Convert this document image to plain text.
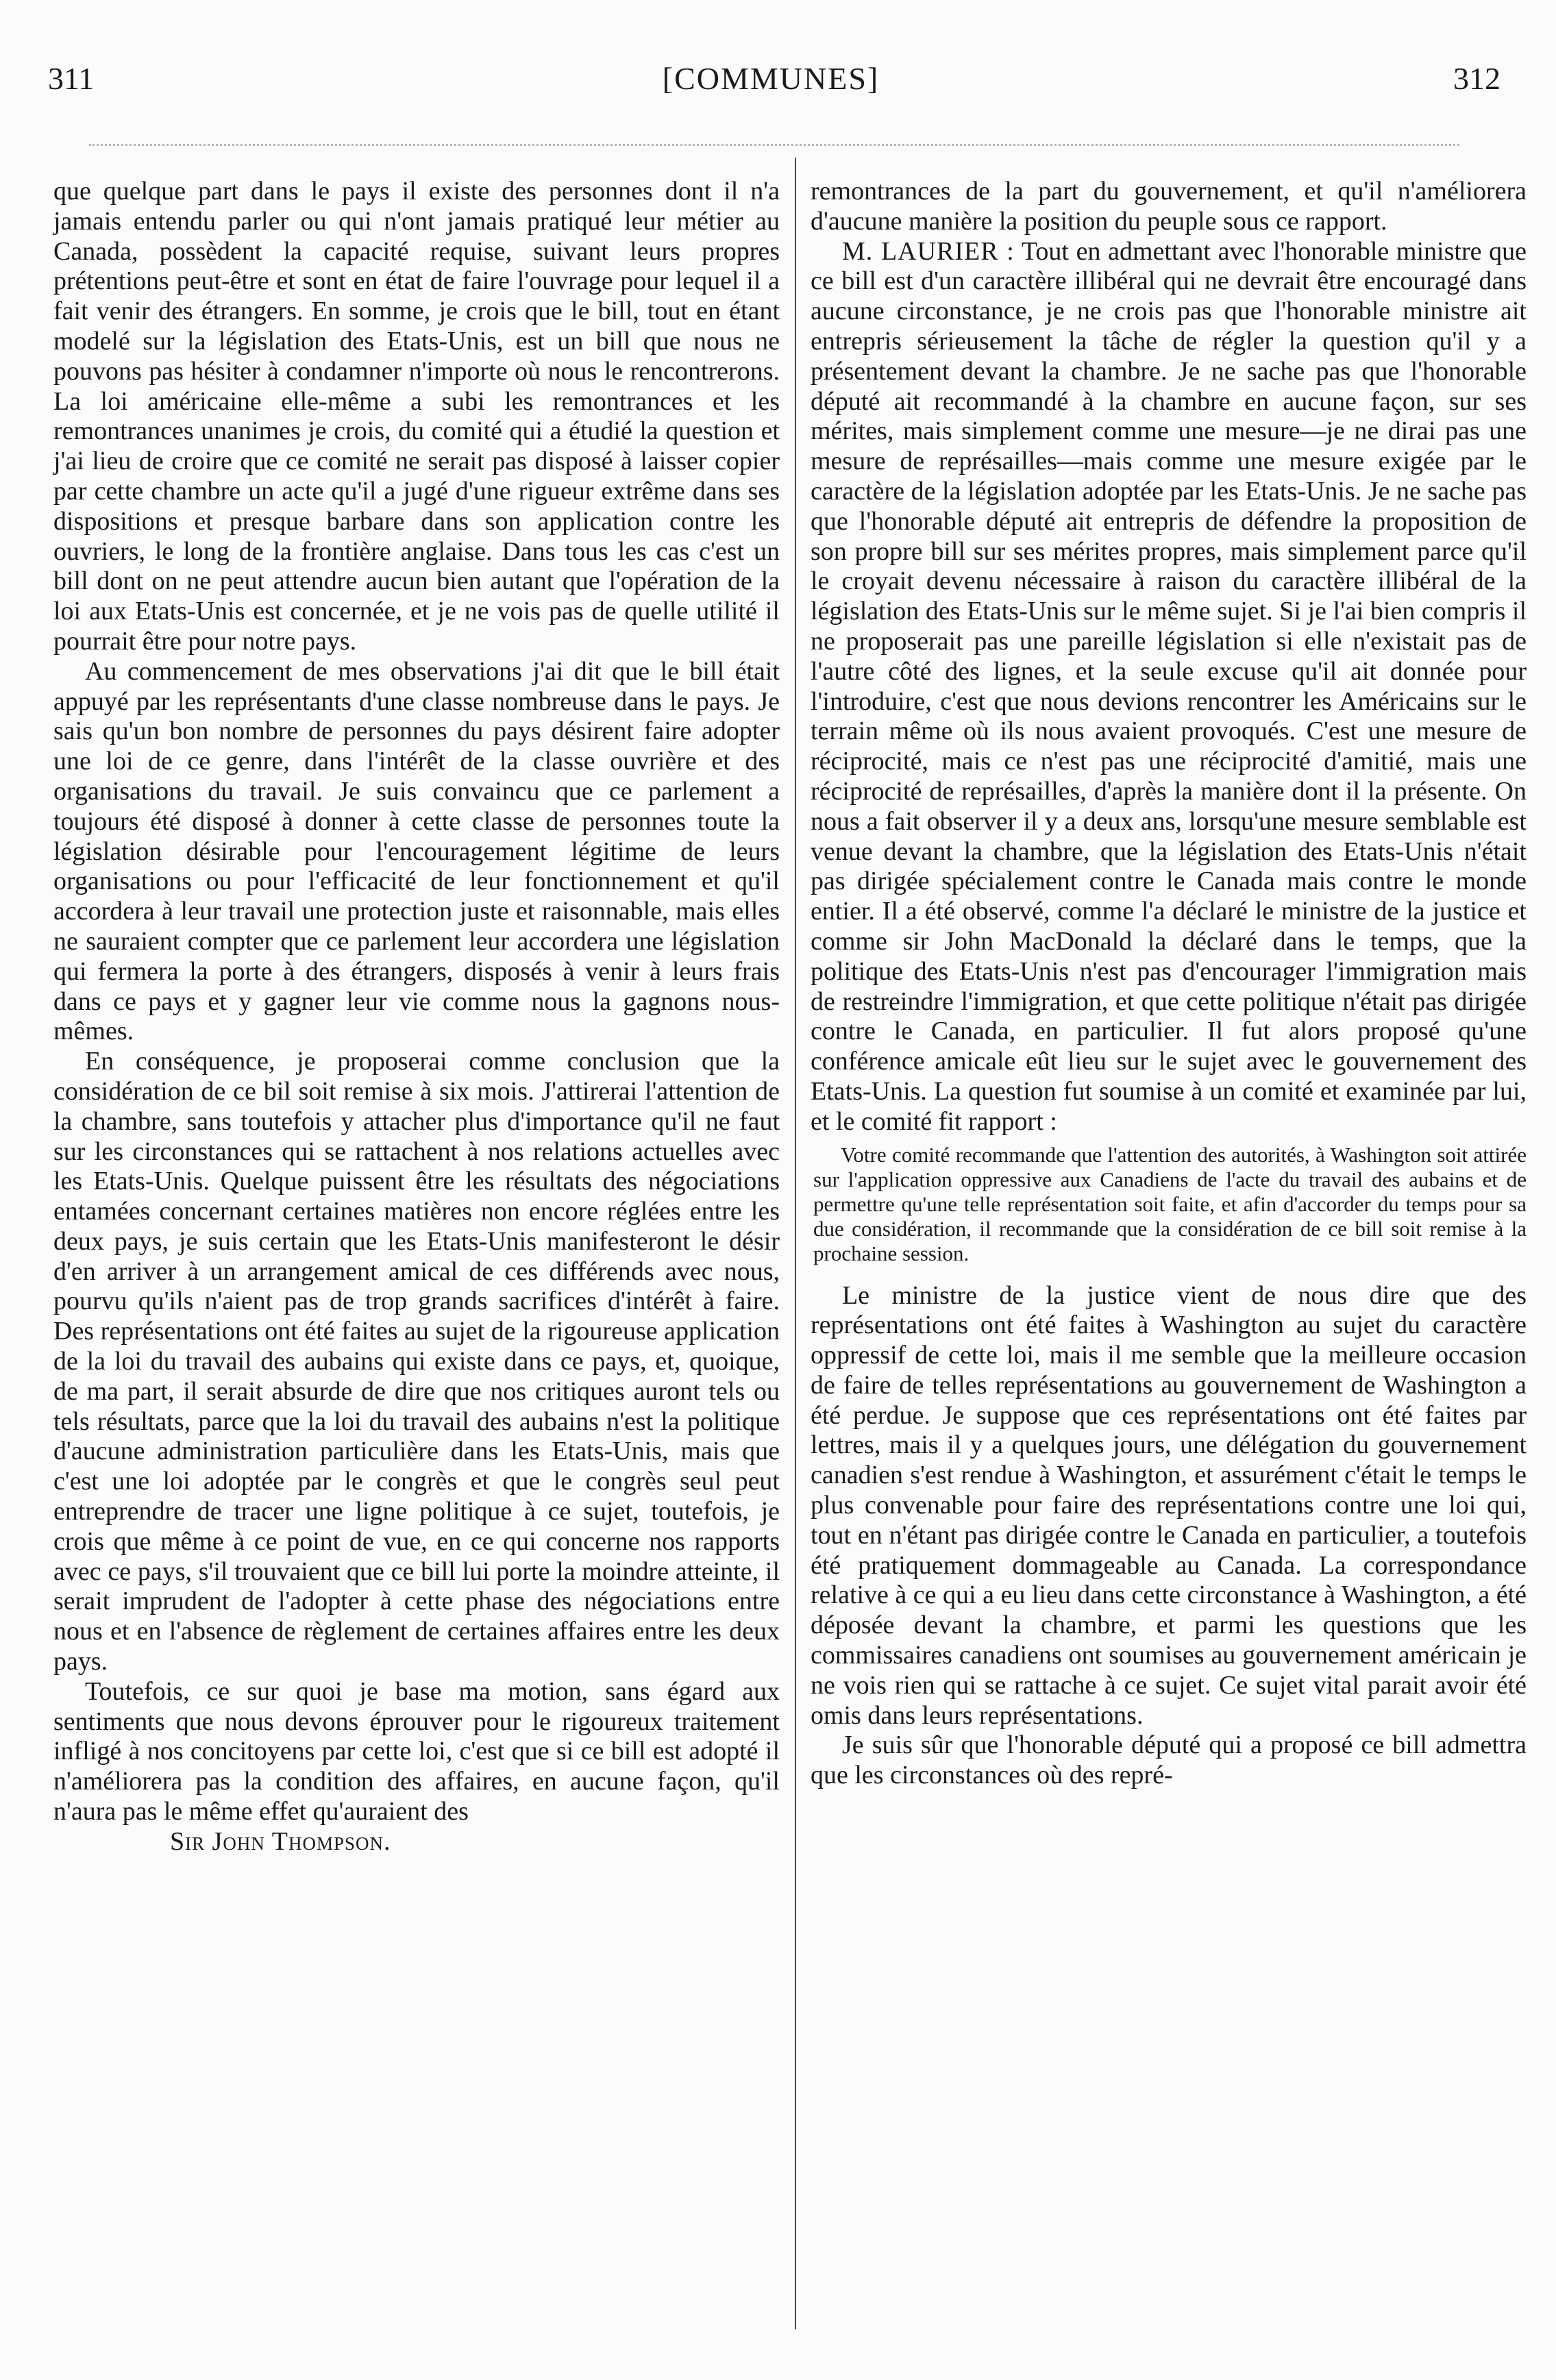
311	[COMMUNES]	312

que quelque part dans le pays il existe des personnes dont il n'a jamais entendu parler ou qui n'ont jamais pratiqué leur métier au Canada, possèdent la capacité requise, suivant leurs propres prétentions peut-être et sont en état de faire l'ouvrage pour lequel il a fait venir des étrangers. En somme, je crois que le bill, tout en étant modelé sur la législation des Etats-Unis, est un bill que nous ne pouvons pas hésiter à condamner n'importe où nous le rencontrerons. La loi américaine elle-même a subi les remontrances et les remontrances unanimes je crois, du comité qui a étudié la question et j'ai lieu de croire que ce comité ne serait pas disposé à laisser copier par cette chambre un acte qu'il a jugé d'une rigueur extrême dans ses dispositions et presque barbare dans son application contre les ouvriers, le long de la frontière anglaise. Dans tous les cas c'est un bill dont on ne peut attendre aucun bien autant que l'opération de la loi aux Etats-Unis est concernée, et je ne vois pas de quelle utilité il pourrait être pour notre pays.

Au commencement de mes observations j'ai dit que le bill était appuyé par les représentants d'une classe nombreuse dans le pays. Je sais qu'un bon nombre de personnes du pays désirent faire adopter une loi de ce genre, dans l'intérêt de la classe ouvrière et des organisations du travail. Je suis convaincu que ce parlement a toujours été disposé à donner à cette classe de personnes toute la législation désirable pour l'encouragement légitime de leurs organisations ou pour l'efficacité de leur fonctionnement et qu'il accordera à leur travail une protection juste et raisonnable, mais elles ne sauraient compter que ce parlement leur accordera une législation qui fermera la porte à des étrangers, disposés à venir à leurs frais dans ce pays et y gagner leur vie comme nous la gagnons nous-mêmes.

En conséquence, je proposerai comme conclusion que la considération de ce bil soit remise à six mois. J'attirerai l'attention de la chambre, sans toutefois y attacher plus d'importance qu'il ne faut sur les circonstances qui se rattachent à nos relations actuelles avec les Etats-Unis. Quelque puissent être les résultats des négociations entamées concernant certaines matières non encore réglées entre les deux pays, je suis certain que les Etats-Unis manifesteront le désir d'en arriver à un arrangement amical de ces différends avec nous, pourvu qu'ils n'aient pas de trop grands sacrifices d'intérêt à faire. Des représentations ont été faites au sujet de la rigoureuse application de la loi du travail des aubains qui existe dans ce pays, et, quoique, de ma part, il serait absurde de dire que nos critiques auront tels ou tels résultats, parce que la loi du travail des aubains n'est la politique d'aucune administration particulière dans les Etats-Unis, mais que c'est une loi adoptée par le congrès et que le congrès seul peut entreprendre de tracer une ligne politique à ce sujet, toutefois, je crois que même à ce point de vue, en ce qui concerne nos rapports avec ce pays, s'il trouvaient que ce bill lui porte la moindre atteinte, il serait imprudent de l'adopter à cette phase des négociations entre nous et en l'absence de règlement de certaines affaires entre les deux pays.

Toutefois, ce sur quoi je base ma motion, sans égard aux sentiments que nous devons éprouver pour le rigoureux traitement infligé à nos concitoyens par cette loi, c'est que si ce bill est adopté il n'améliorera pas la condition des affaires, en aucune façon, qu'il n'aura pas le même effet qu'auraient des

Sir John Thompson.

remontrances de la part du gouvernement, et qu'il n'améliorera d'aucune manière la position du peuple sous ce rapport.

M. LAURIER : Tout en admettant avec l'honorable ministre que ce bill est d'un caractère illibéral qui ne devrait être encouragé dans aucune circonstance, je ne crois pas que l'honorable ministre ait entrepris sérieusement la tâche de régler la question qu'il y a présentement devant la chambre. Je ne sache pas que l'honorable député ait recommandé à la chambre en aucune façon, sur ses mérites, mais simplement comme une mesure—je ne dirai pas une mesure de représailles—mais comme une mesure exigée par le caractère de la législation adoptée par les Etats-Unis. Je ne sache pas que l'honorable député ait entrepris de défendre la proposition de son propre bill sur ses mérites propres, mais simplement parce qu'il le croyait devenu nécessaire à raison du caractère illibéral de la législation des Etats-Unis sur le même sujet. Si je l'ai bien compris il ne proposerait pas une pareille législation si elle n'existait pas de l'autre côté des lignes, et la seule excuse qu'il ait donnée pour l'introduire, c'est que nous devions rencontrer les Américains sur le terrain même où ils nous avaient provoqués. C'est une mesure de réciprocité, mais ce n'est pas une réciprocité d'amitié, mais une réciprocité de représailles, d'après la manière dont il la présente. On nous a fait observer il y a deux ans, lorsqu'une mesure semblable est venue devant la chambre, que la législation des Etats-Unis n'était pas dirigée spécialement contre le Canada mais contre le monde entier. Il a été observé, comme l'a déclaré le ministre de la justice et comme sir John MacDonald la déclaré dans le temps, que la politique des Etats-Unis n'est pas d'encourager l'immigration mais de restreindre l'immigration, et que cette politique n'était pas dirigée contre le Canada, en particulier. Il fut alors proposé qu'une conférence amicale eût lieu sur le sujet avec le gouvernement des Etats-Unis. La question fut soumise à un comité et examinée par lui, et le comité fit rapport :

Votre comité recommande que l'attention des autorités, à Washington soit attirée sur l'application oppressive aux Canadiens de l'acte du travail des aubains et de permettre qu'une telle représentation soit faite, et afin d'accorder du temps pour sa due considération, il recommande que la considération de ce bill soit remise à la prochaine session.

Le ministre de la justice vient de nous dire que des représentations ont été faites à Washington au sujet du caractère oppressif de cette loi, mais il me semble que la meilleure occasion de faire de telles représentations au gouvernement de Washington a été perdue. Je suppose que ces représentations ont été faites par lettres, mais il y a quelques jours, une délégation du gouvernement canadien s'est rendue à Washington, et assurément c'était le temps le plus convenable pour faire des représentations contre une loi qui, tout en n'étant pas dirigée contre le Canada en particulier, a toutefois été pratiquement dommageable au Canada. La correspondance relative à ce qui a eu lieu dans cette circonstance à Washington, a été déposée devant la chambre, et parmi les questions que les commissaires canadiens ont soumises au gouvernement américain je ne vois rien qui se rattache à ce sujet. Ce sujet vital parait avoir été omis dans leurs représentations.

Je suis sûr que l'honorable député qui a proposé ce bill admettra que les circonstances où des repré-
